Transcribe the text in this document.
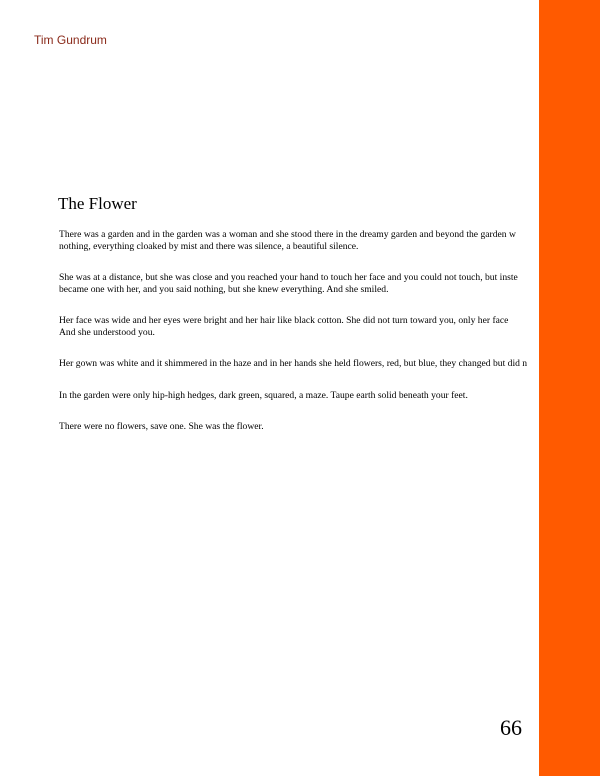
Tim Gundrum
The Flower

There was a garden and in the garden was a woman and she stood there in the dreamy garden and beyond the garden w
nothing, everything cloaked by mist and there was silence, a beautiful silence.

She was at a distance, but she was close and you reached your hand to touch her face and you could not touch, but inste
became one with her, and you said nothing, but she knew everything. And she smiled.

Her face was wide and her eyes were bright and her hair like black cotton. She did not turn toward you, only her face
And she understood you.

Her gown was white and it shimmered in the haze and in her hands she held flowers, red, but blue, they changed but did n

In the garden were only hip-high hedges, dark green, squared, a maze. Taupe earth solid beneath your feet.

There were no flowers, save one. She was the flower.

66
